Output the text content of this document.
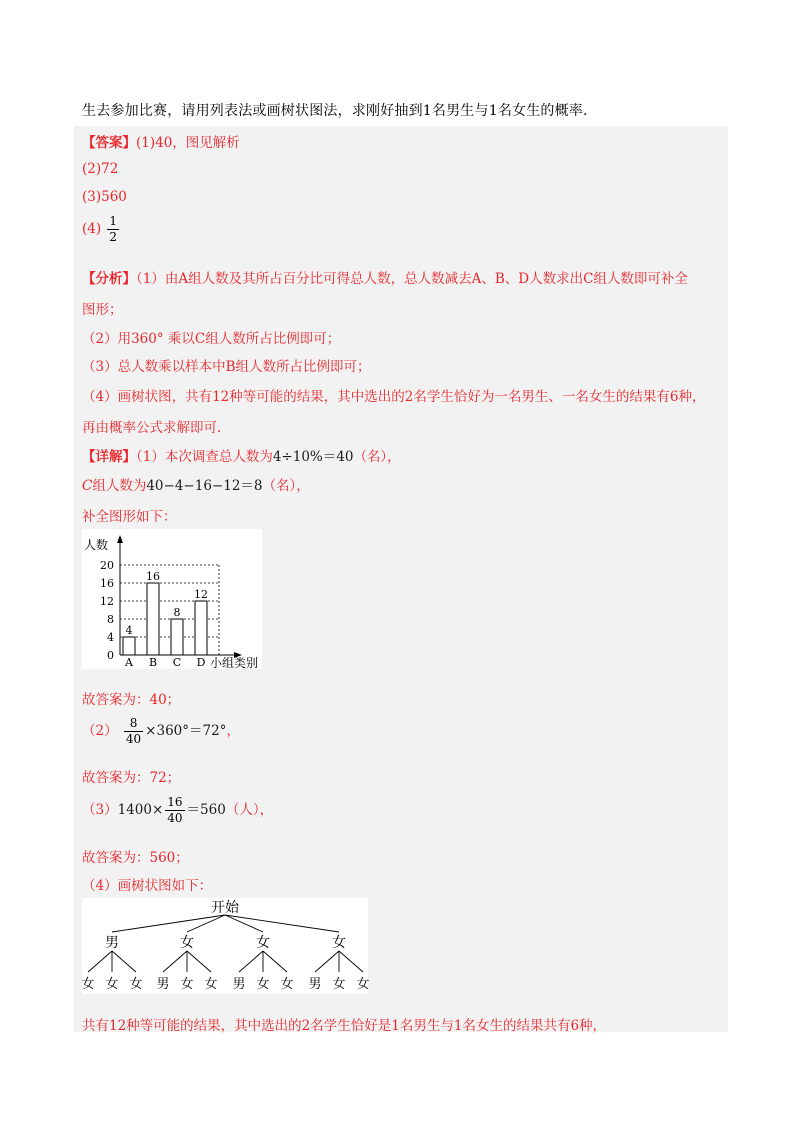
生去参加比赛，请用列表法或画树状图法，求刚好抽到1名男生与1名女生的概率.
【答案】(1)40，图见解析
(2)72
(3)560
$(4) \frac{1}{2}$
【分析】（1）由A组人数及其所占百分比可得总人数，总人数减去A、B、D人数求出C组人数即可补全
图形；
（2）用360° 乘以C组人数所占比例即可；
（3）总人数乘以样本中B组人数所占比例即可；
（4）画树状图，共有12种等可能的结果，其中选出的2名学生恰好为一名男生、一名女生的结果有6种，
再由概率公式求解即可.
【详解】（1）本次调查总人数为4÷10%＝40（名），
C组人数为40−4−16−12＝8（名），
补全图形如下：
0
4
8
12
16
20
人数
小组类别
4
A
16
B
8
C
12
D
故答案为：40；
$(2) \frac{8}{40} \times 360^\circ=72^\circ$，
故答案为：72；
$(3)1400\times \frac{16}{40} =560$（人），
故答案为：560；
（4）画树状图如下：
开始
男
女 女 女
女
男 女 女
女
男 女 女
女
男 女 女
共有12种等可能的结果，其中选出的2名学生恰好是1名男生与1名女生的结果共有6种，
